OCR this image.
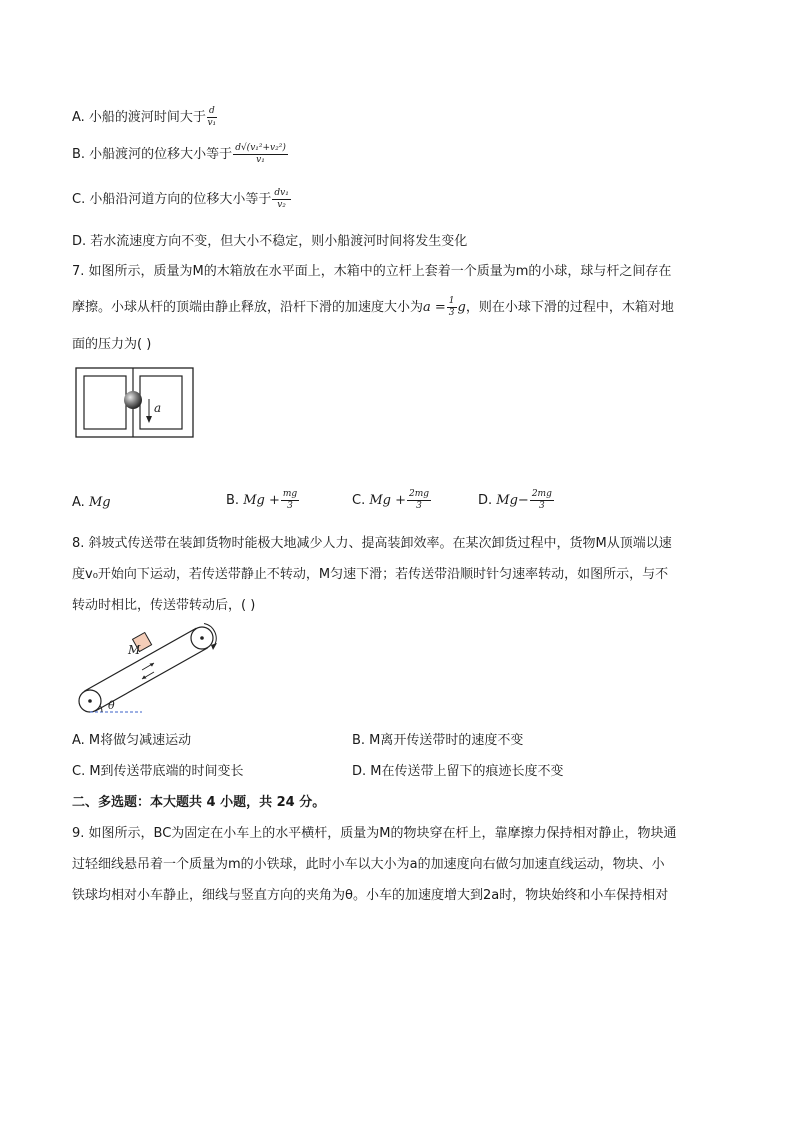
A. 小船的渡河时间大于 $\frac{d}{\text{v₁}}$
B. 小船渡河的位移大小等于 $\frac{\text{d√(v₁²+v₂²)}}{\text{v₁}}$
C. 小船沿河道方向的位移大小等于 $\frac{\text{dv₁}}{\text{v₂}}$
D. 若水流速度方向不变，但大小不稳定，则小船渡河时间将发生变化
7. 如图所示，质量为M的木箱放在水平面上，木箱中的立杆上套着一个质量为m的小球，球与杆之间存在
摩擦。小球从杆的顶端由静止释放，沿杆下滑的加速度大小为$a = \frac{1}{3}$ g，则在小球下滑的过程中，木箱对地
面的压力为( )
a
A. Mg	B. $Mg + \frac{mg}{3}$	C. $Mg + \frac{2mg}{3}$	D. $Mg- \frac{2mg}{3}$
8. 斜坡式传送带在装卸货物时能极大地减少人力、提高装卸效率。在某次卸货过程中，货物M从顶端以速
度v₀开始向下运动，若传送带静止不转动，M匀速下滑；若传送带沿顺时针匀速率转动，如图所示，与不
转动时相比，传送带转动后，( )
M
θ
A. M将做匀减速运动	B. M离开传送带时的速度不变
C. M到传送带底端的时间变长	D. M在传送带上留下的痕迹长度不变
二、多选题：本大题共 4 小题，共 24 分。
9. 如图所示，BC为固定在小车上的水平横杆，质量为M的物块穿在杆上，靠摩擦力保持相对静止，物块通
过轻细线悬吊着一个质量为m的小铁球，此时小车以大小为a的加速度向右做匀加速直线运动，物块、小
铁球均相对小车静止，细线与竖直方向的夹角为θ。小车的加速度增大到2a时，物块始终和小车保持相对
